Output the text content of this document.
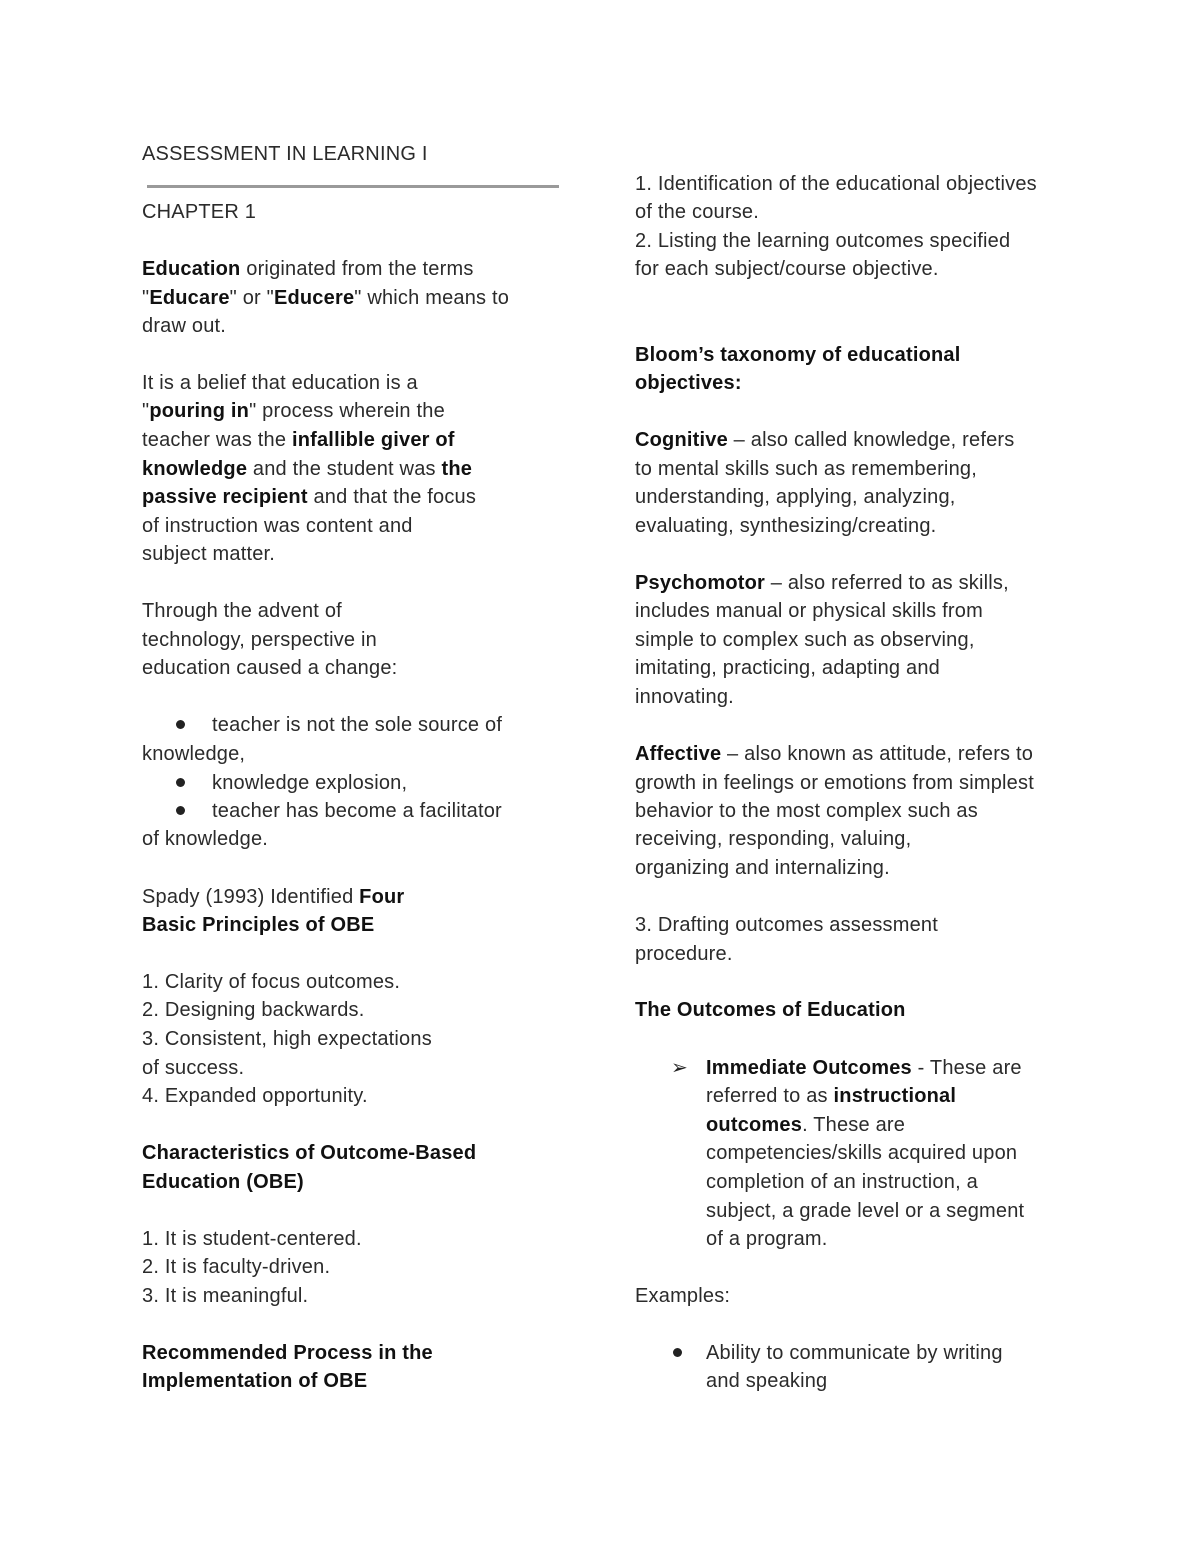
ASSESSMENT IN LEARNING I
CHAPTER 1
Education originated from the terms
"Educare" or "Educere" which means to
draw out.
It is a belief that education is a
"pouring in" process wherein the
teacher was the infallible giver of
knowledge and the student was the
passive recipient and that the focus
of instruction was content and
subject matter.
Through the advent of
technology, perspective in
education caused a change:
teacher is not the sole source of
knowledge,
knowledge explosion,
teacher has become a facilitator
of knowledge.
Spady (1993) Identified Four
Basic Principles of OBE
1. Clarity of focus outcomes.
2. Designing backwards.
3. Consistent, high expectations
of success.
4. Expanded opportunity.
Characteristics of Outcome-Based
Education (OBE)
1. It is student-centered.
2. It is faculty-driven.
3. It is meaningful.
Recommended Process in the
Implementation of OBE
1. Identification of the educational objectives
of the course.
2. Listing the learning outcomes specified
for each subject/course objective.
Bloom’s taxonomy of educational
objectives:
Cognitive – also called knowledge, refers
to mental skills such as remembering,
understanding, applying, analyzing,
evaluating, synthesizing/creating.
Psychomotor – also referred to as skills,
includes manual or physical skills from
simple to complex such as observing,
imitating, practicing, adapting and
innovating.
Affective – also known as attitude, refers to
growth in feelings or emotions from simplest
behavior to the most complex such as
receiving, responding, valuing,
organizing and internalizing.
3. Drafting outcomes assessment
procedure.
The Outcomes of Education
➢ Immediate Outcomes - These are
referred to as instructional
outcomes. These are
competencies/skills acquired upon
completion of an instruction, a
subject, a grade level or a segment
of a program.
Examples:
Ability to communicate by writing
and speaking
